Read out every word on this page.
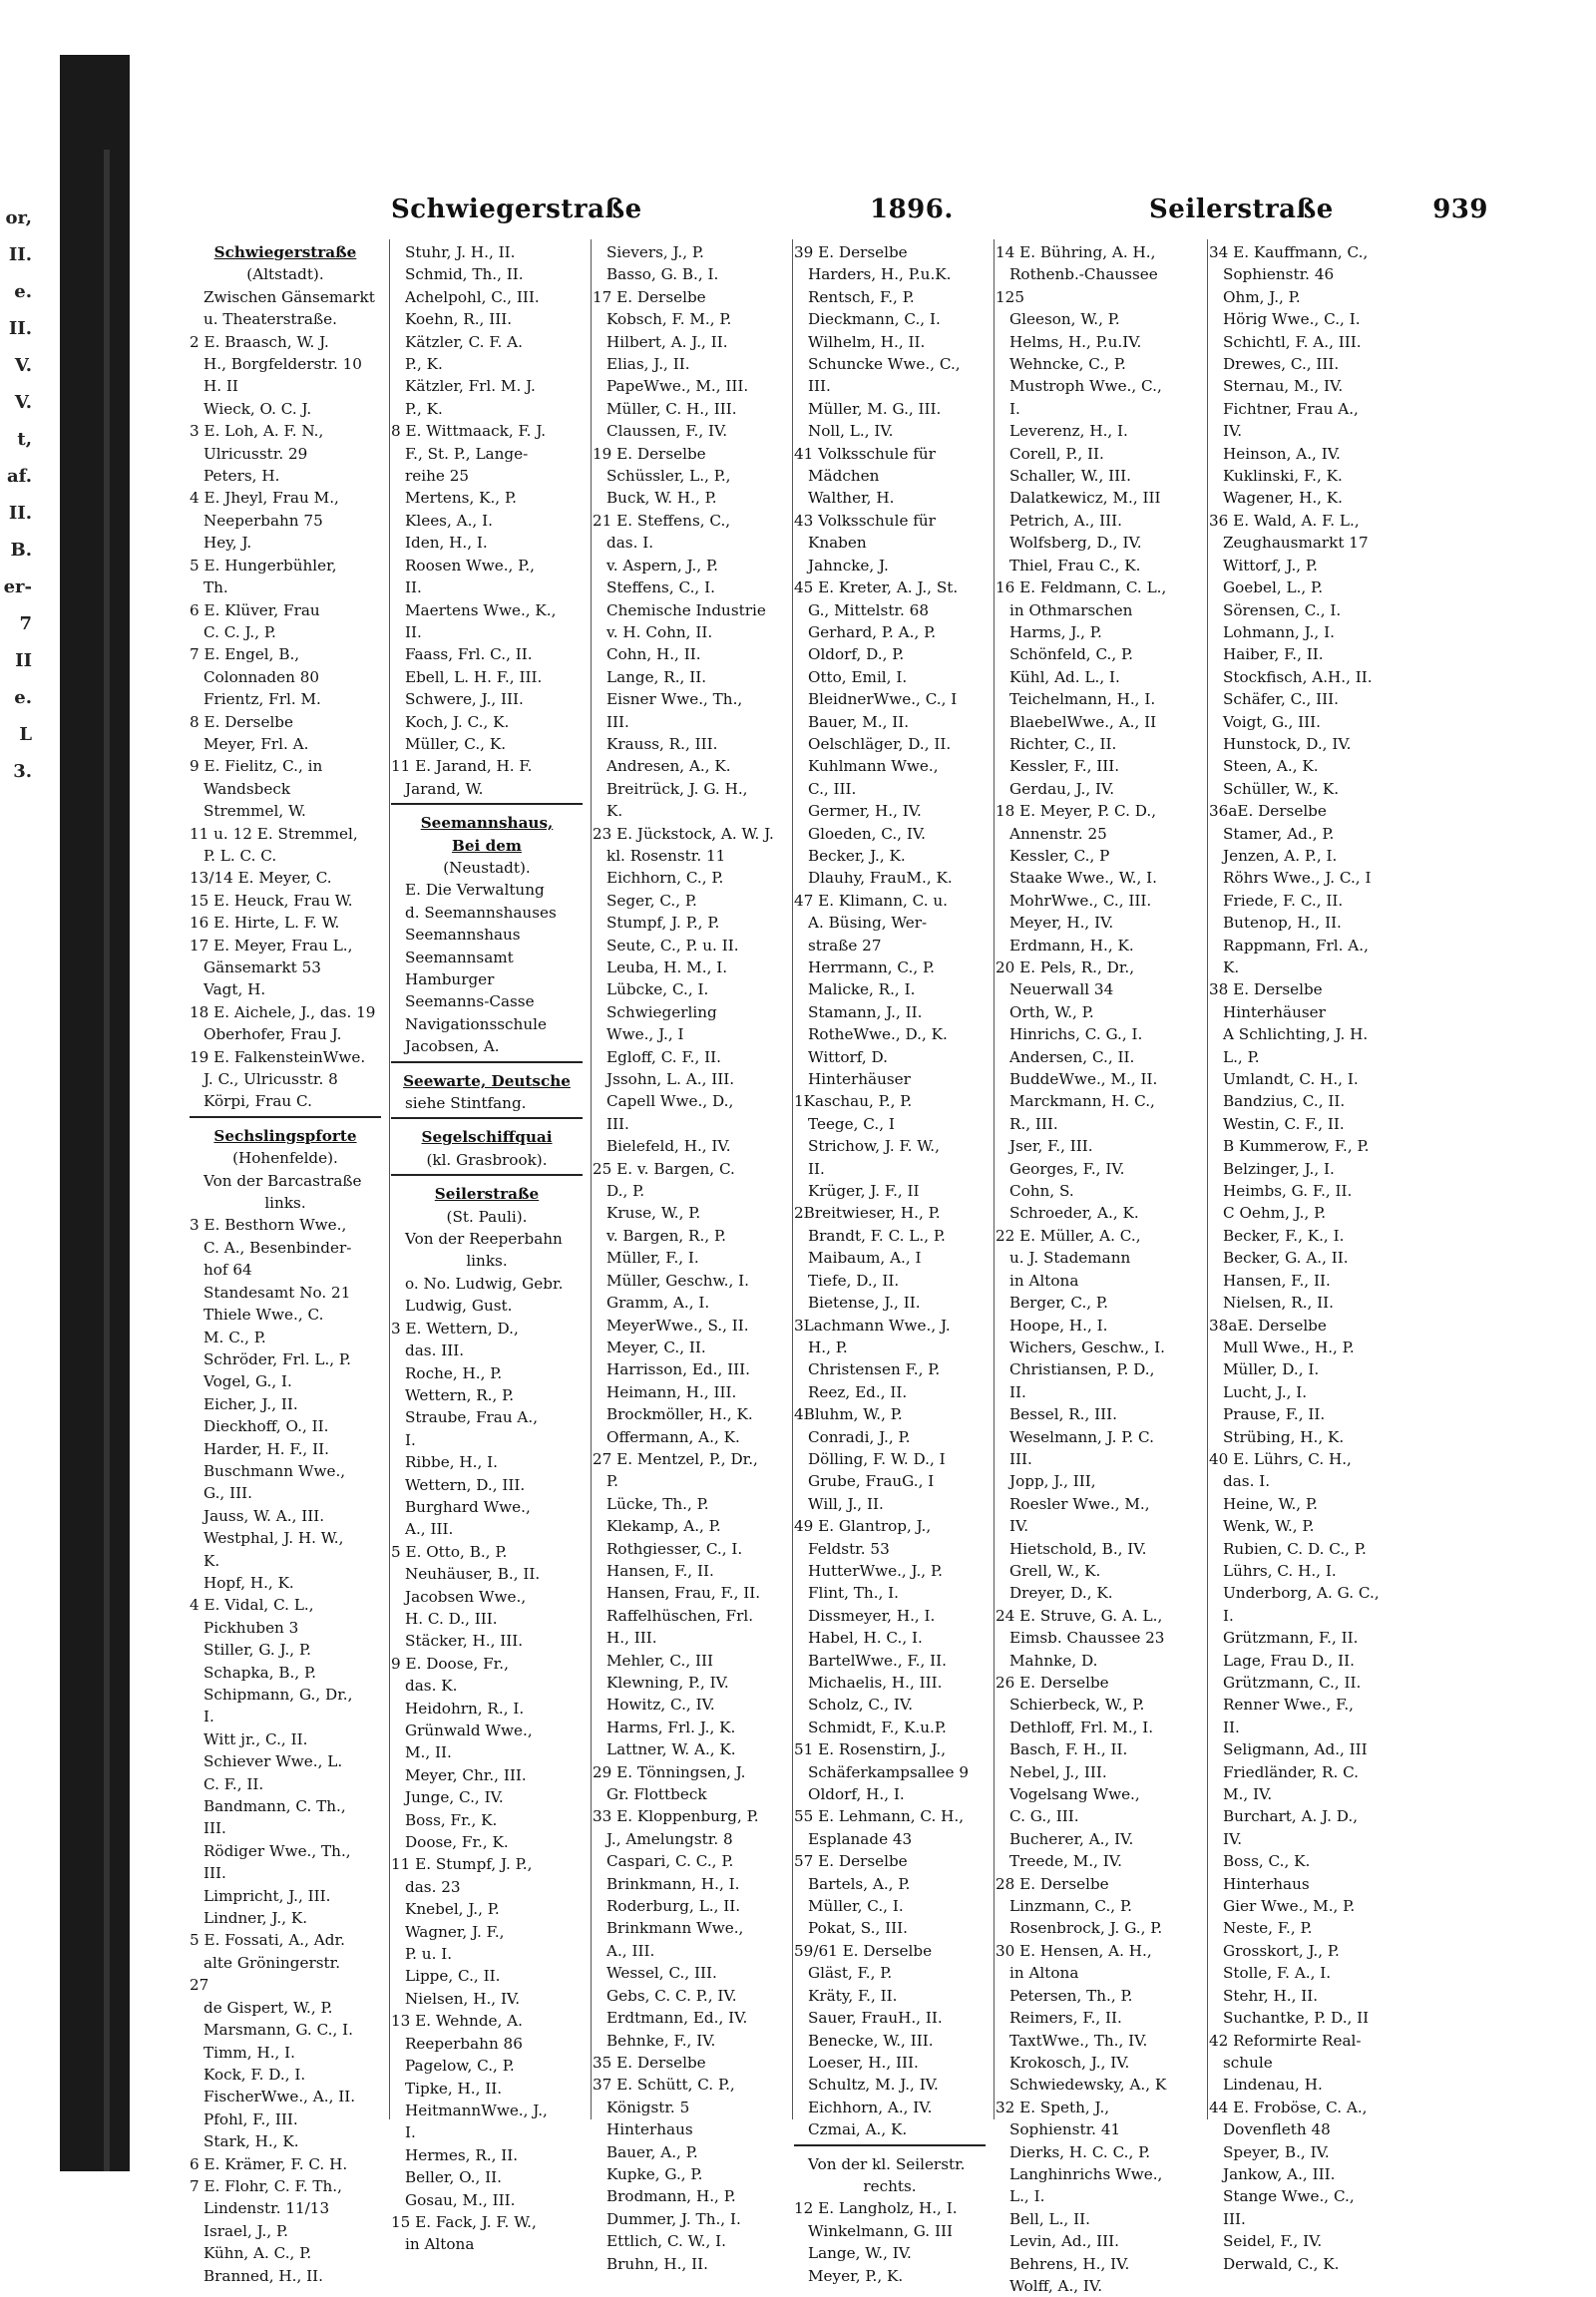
or,
II.
e.
II.
V.
V.
t,
af.
II.
B.
er-
7
II
e.
L
3.
Schwiegerstraße	1896.	Seilerstraße	939
Schwiegerstraße
(Altstadt).
Zwischen Gänsemarkt
u. Theaterstraße.
2 E. Braasch, W. J.
H., Borgfelderstr. 10
H. II
Wieck, O. C. J.
3 E. Loh, A. F. N.,
Ulricusstr. 29
Peters, H.
4 E. Jheyl, Frau M.,
Neeperbahn 75
Hey, J.
5 E. Hungerbühler,
Th.
6 E. Klüver, Frau
C. C. J., P.
7 E. Engel, B.,
Colonnaden 80
Frientz, Frl. M.
8 E. Derselbe
Meyer, Frl. A.
9 E. Fielitz, C., in
Wandsbeck
Stremmel, W.
11 u. 12 E. Stremmel,
P. L. C. C.
13/14 E. Meyer, C.
15 E. Heuck, Frau W.
16 E. Hirte, L. F. W.
17 E. Meyer, Frau L.,
Gänsemarkt 53
Vagt, H.
18 E. Aichele, J., das. 19
Oberhofer, Frau J.
19 E. FalkensteinWwe.
J. C., Ulricusstr. 8
Körpi, Frau C.
Sechslingspforte
(Hohenfelde).
Von der Barcastraße
links.
3 E. Besthorn Wwe.,
C. A., Besenbinder-
hof 64
Standesamt No. 21
Thiele Wwe., C.
M. C., P.
Schröder, Frl. L., P.
Vogel, G., I.
Eicher, J., II.
Dieckhoff, O., II.
Harder, H. F., II.
Buschmann Wwe.,
G., III.
Jauss, W. A., III.
Westphal, J. H. W.,
K.
Hopf, H., K.
4 E. Vidal, C. L.,
Pickhuben 3
Stiller, G. J., P.
Schapka, B., P.
Schipmann, G., Dr.,
I.
Witt jr., C., II.
Schiever Wwe., L.
C. F., II.
Bandmann, C. Th.,
III.
Rödiger Wwe., Th.,
III.
Limpricht, J., III.
Lindner, J., K.
5 E. Fossati, A., Adr.
alte Gröningerstr.
27
de Gispert, W., P.
Marsmann, G. C., I.
Timm, H., I.
Kock, F. D., I.
FischerWwe., A., II.
Pfohl, F., III.
Stark, H., K.
6 E. Krämer, F. C. H.
7 E. Flohr, C. F. Th.,
Lindenstr. 11/13
Israel, J., P.
Kühn, A. C., P.
Branned, H., II.
Stuhr, J. H., II.
Schmid, Th., II.
Achelpohl, C., III.
Koehn, R., III.
Kätzler, C. F. A.
P., K.
Kätzler, Frl. M. J.
P., K.
8 E. Wittmaack, F. J.
F., St. P., Lange-
reihe 25
Mertens, K., P.
Klees, A., I.
Iden, H., I.
Roosen Wwe., P.,
II.
Maertens Wwe., K.,
II.
Faass, Frl. C., II.
Ebell, L. H. F., III.
Schwere, J., III.
Koch, J. C., K.
Müller, C., K.
11 E. Jarand, H. F.
Jarand, W.
Seemannshaus,
Bei dem
(Neustadt).
E. Die Verwaltung
d. Seemannshauses
Seemannshaus
Seemannsamt
Hamburger
Seemanns-Casse
Navigationsschule
Jacobsen, A.
Seewarte, Deutsche
siehe Stintfang.
Segelschiffquai
(kl. Grasbrook).
Seilerstraße
(St. Pauli).
Von der Reeperbahn
links.
o. No. Ludwig, Gebr.
Ludwig, Gust.
3 E. Wettern, D.,
das. III.
Roche, H., P.
Wettern, R., P.
Straube, Frau A.,
I.
Ribbe, H., I.
Wettern, D., III.
Burghard Wwe.,
A., III.
5 E. Otto, B., P.
Neuhäuser, B., II.
Jacobsen Wwe.,
H. C. D., III.
Stäcker, H., III.
9 E. Doose, Fr.,
das. K.
Heidohrn, R., I.
Grünwald Wwe.,
M., II.
Meyer, Chr., III.
Junge, C., IV.
Boss, Fr., K.
Doose, Fr., K.
11 E. Stumpf, J. P.,
das. 23
Knebel, J., P.
Wagner, J. F.,
P. u. I.
Lippe, C., II.
Nielsen, H., IV.
13 E. Wehnde, A.
Reeperbahn 86
Pagelow, C., P.
Tipke, H., II.
HeitmannWwe., J.,
I.
Hermes, R., II.
Beller, O., II.
Gosau, M., III.
15 E. Fack, J. F. W.,
in Altona
Sievers, J., P.
Basso, G. B., I.
17 E. Derselbe
Kobsch, F. M., P.
Hilbert, A. J., II.
Elias, J., II.
PapeWwe., M., III.
Müller, C. H., III.
Claussen, F., IV.
19 E. Derselbe
Schüssler, L., P.,
Buck, W. H., P.
21 E. Steffens, C.,
das. I.
v. Aspern, J., P.
Steffens, C., I.
Chemische Industrie
v. H. Cohn, II.
Cohn, H., II.
Lange, R., II.
Eisner Wwe., Th.,
III.
Krauss, R., III.
Andresen, A., K.
Breitrück, J. G. H.,
K.
23 E. Jückstock, A. W. J.
kl. Rosenstr. 11
Eichhorn, C., P.
Seger, C., P.
Stumpf, J. P., P.
Seute, C., P. u. II.
Leuba, H. M., I.
Lübcke, C., I.
Schwiegerling
Wwe., J., I
Egloff, C. F., II.
Jssohn, L. A., III.
Capell Wwe., D.,
III.
Bielefeld, H., IV.
25 E. v. Bargen, C.
D., P.
Kruse, W., P.
v. Bargen, R., P.
Müller, F., I.
Müller, Geschw., I.
Gramm, A., I.
MeyerWwe., S., II.
Meyer, C., II.
Harrisson, Ed., III.
Heimann, H., III.
Brockmöller, H., K.
Offermann, A., K.
27 E. Mentzel, P., Dr.,
P.
Lücke, Th., P.
Klekamp, A., P.
Rothgiesser, C., I.
Hansen, F., II.
Hansen, Frau, F., II.
Raffelhüschen, Frl.
H., III.
Mehler, C., III
Klewning, P., IV.
Howitz, C., IV.
Harms, Frl. J., K.
Lattner, W. A., K.
29 E. Tönningsen, J.
Gr. Flottbeck
33 E. Kloppenburg, P.
J., Amelungstr. 8
Caspari, C. C., P.
Brinkmann, H., I.
Roderburg, L., II.
Brinkmann Wwe.,
A., III.
Wessel, C., III.
Gebs, C. C. P., IV.
Erdtmann, Ed., IV.
Behnke, F., IV.
35 E. Derselbe
37 E. Schütt, C. P.,
Königstr. 5
Hinterhaus
Bauer, A., P.
Kupke, G., P.
Brodmann, H., P.
Dummer, J. Th., I.
Ettlich, C. W., I.
Bruhn, H., II.
39 E. Derselbe
Harders, H., P.u.K.
Rentsch, F., P.
Dieckmann, C., I.
Wilhelm, H., II.
Schuncke Wwe., C.,
III.
Müller, M. G., III.
Noll, L., IV.
41 Volksschule für
Mädchen
Walther, H.
43 Volksschule für
Knaben
Jahncke, J.
45 E. Kreter, A. J., St.
G., Mittelstr. 68
Gerhard, P. A., P.
Oldorf, D., P.
Otto, Emil, I.
BleidnerWwe., C., I
Bauer, M., II.
Oelschläger, D., II.
Kuhlmann Wwe.,
C., III.
Germer, H., IV.
Gloeden, C., IV.
Becker, J., K.
Dlauhy, FrauM., K.
47 E. Klimann, C. u.
A. Büsing, Wer-
straße 27
Herrmann, C., P.
Malicke, R., I.
Stamann, J., II.
RotheWwe., D., K.
Wittorf, D.
Hinterhäuser
1Kaschau, P., P.
Teege, C., I
Strichow, J. F. W.,
II.
Krüger, J. F., II
2Breitwieser, H., P.
Brandt, F. C. L., P.
Maibaum, A., I
Tiefe, D., II.
Bietense, J., II.
3Lachmann Wwe., J.
H., P.
Christensen F., P.
Reez, Ed., II.
4Bluhm, W., P.
Conradi, J., P.
Dölling, F. W. D., I
Grube, FrauG., I
Will, J., II.
49 E. Glantrop, J.,
Feldstr. 53
HutterWwe., J., P.
Flint, Th., I.
Dissmeyer, H., I.
Habel, H. C., I.
BartelWwe., F., II.
Michaelis, H., III.
Scholz, C., IV.
Schmidt, F., K.u.P.
51 E. Rosenstirn, J.,
Schäferkampsallee 9
Oldorf, H., I.
55 E. Lehmann, C. H.,
Esplanade 43
57 E. Derselbe
Bartels, A., P.
Müller, C., I.
Pokat, S., III.
59/61 E. Derselbe
Gläst, F., P.
Kräty, F., II.
Sauer, FrauH., II.
Benecke, W., III.
Loeser, H., III.
Schultz, M. J., IV.
Eichhorn, A., IV.
Czmai, A., K.
Von der kl. Seilerstr.
rechts.
12 E. Langholz, H., I.
Winkelmann, G. III
Lange, W., IV.
Meyer, P., K.
14 E. Bühring, A. H.,
Rothenb.-Chaussee
125
Gleeson, W., P.
Helms, H., P.u.IV.
Wehncke, C., P.
Mustroph Wwe., C.,
I.
Leverenz, H., I.
Corell, P., II.
Schaller, W., III.
Dalatkewicz, M., III
Petrich, A., III.
Wolfsberg, D., IV.
Thiel, Frau C., K.
16 E. Feldmann, C. L.,
in Othmarschen
Harms, J., P.
Schönfeld, C., P.
Kühl, Ad. L., I.
Teichelmann, H., I.
BlaebelWwe., A., II
Richter, C., II.
Kessler, F., III.
Gerdau, J., IV.
18 E. Meyer, P. C. D.,
Annenstr. 25
Kessler, C., P
Staake Wwe., W., I.
MohrWwe., C., III.
Meyer, H., IV.
Erdmann, H., K.
20 E. Pels, R., Dr.,
Neuerwall 34
Orth, W., P.
Hinrichs, C. G., I.
Andersen, C., II.
BuddeWwe., M., II.
Marckmann, H. C.,
R., III.
Jser, F., III.
Georges, F., IV.
Cohn, S.
Schroeder, A., K.
22 E. Müller, A. C.,
u. J. Stademann
in Altona
Berger, C., P.
Hoope, H., I.
Wichers, Geschw., I.
Christiansen, P. D.,
II.
Bessel, R., III.
Weselmann, J. P. C.
III.
Jopp, J., III,
Roesler Wwe., M.,
IV.
Hietschold, B., IV.
Grell, W., K.
Dreyer, D., K.
24 E. Struve, G. A. L.,
Eimsb. Chaussee 23
Mahnke, D.
26 E. Derselbe
Schierbeck, W., P.
Dethloff, Frl. M., I.
Basch, F. H., II.
Nebel, J., III.
Vogelsang Wwe.,
C. G., III.
Bucherer, A., IV.
Treede, M., IV.
28 E. Derselbe
Linzmann, C., P.
Rosenbrock, J. G., P.
30 E. Hensen, A. H.,
in Altona
Petersen, Th., P.
Reimers, F., II.
TaxtWwe., Th., IV.
Krokosch, J., IV.
Schwiedewsky, A., K
32 E. Speth, J.,
Sophienstr. 41
Dierks, H. C. C., P.
Langhinrichs Wwe.,
L., I.
Bell, L., II.
Levin, Ad., III.
Behrens, H., IV.
Wolff, A., IV.
34 E. Kauffmann, C.,
Sophienstr. 46
Ohm, J., P.
Hörig Wwe., C., I.
Schichtl, F. A., III.
Drewes, C., III.
Sternau, M., IV.
Fichtner, Frau A.,
IV.
Heinson, A., IV.
Kuklinski, F., K.
Wagener, H., K.
36 E. Wald, A. F. L.,
Zeughausmarkt 17
Wittorf, J., P.
Goebel, L., P.
Sörensen, C., I.
Lohmann, J., I.
Haiber, F., II.
Stockfisch, A.H., II.
Schäfer, C., III.
Voigt, G., III.
Hunstock, D., IV.
Steen, A., K.
Schüller, W., K.
36aE. Derselbe
Stamer, Ad., P.
Jenzen, A. P., I.
Röhrs Wwe., J. C., I
Friede, F. C., II.
Butenop, H., II.
Rappmann, Frl. A.,
K.
38 E. Derselbe
Hinterhäuser
A Schlichting, J. H.
L., P.
Umlandt, C. H., I.
Bandzius, C., II.
Westin, C. F., II.
B Kummerow, F., P.
Belzinger, J., I.
Heimbs, G. F., II.
C Oehm, J., P.
Becker, F., K., I.
Becker, G. A., II.
Hansen, F., II.
Nielsen, R., II.
38aE. Derselbe
Mull Wwe., H., P.
Müller, D., I.
Lucht, J., I.
Prause, F., II.
Strübing, H., K.
40 E. Lührs, C. H.,
das. I.
Heine, W., P.
Wenk, W., P.
Rubien, C. D. C., P.
Lührs, C. H., I.
Underborg, A. G. C.,
I.
Grützmann, F., II.
Lage, Frau D., II.
Grützmann, C., II.
Renner Wwe., F.,
II.
Seligmann, Ad., III
Friedländer, R. C.
M., IV.
Burchart, A. J. D.,
IV.
Boss, C., K.
Hinterhaus
Gier Wwe., M., P.
Neste, F., P.
Grosskort, J., P.
Stolle, F. A., I.
Stehr, H., II.
Suchantke, P. D., II
42 Reformirte Real-
schule
Lindenau, H.
44 E. Froböse, C. A.,
Dovenfleth 48
Speyer, B., IV.
Jankow, A., III.
Stange Wwe., C.,
III.
Seidel, F., IV.
Derwald, C., K.
